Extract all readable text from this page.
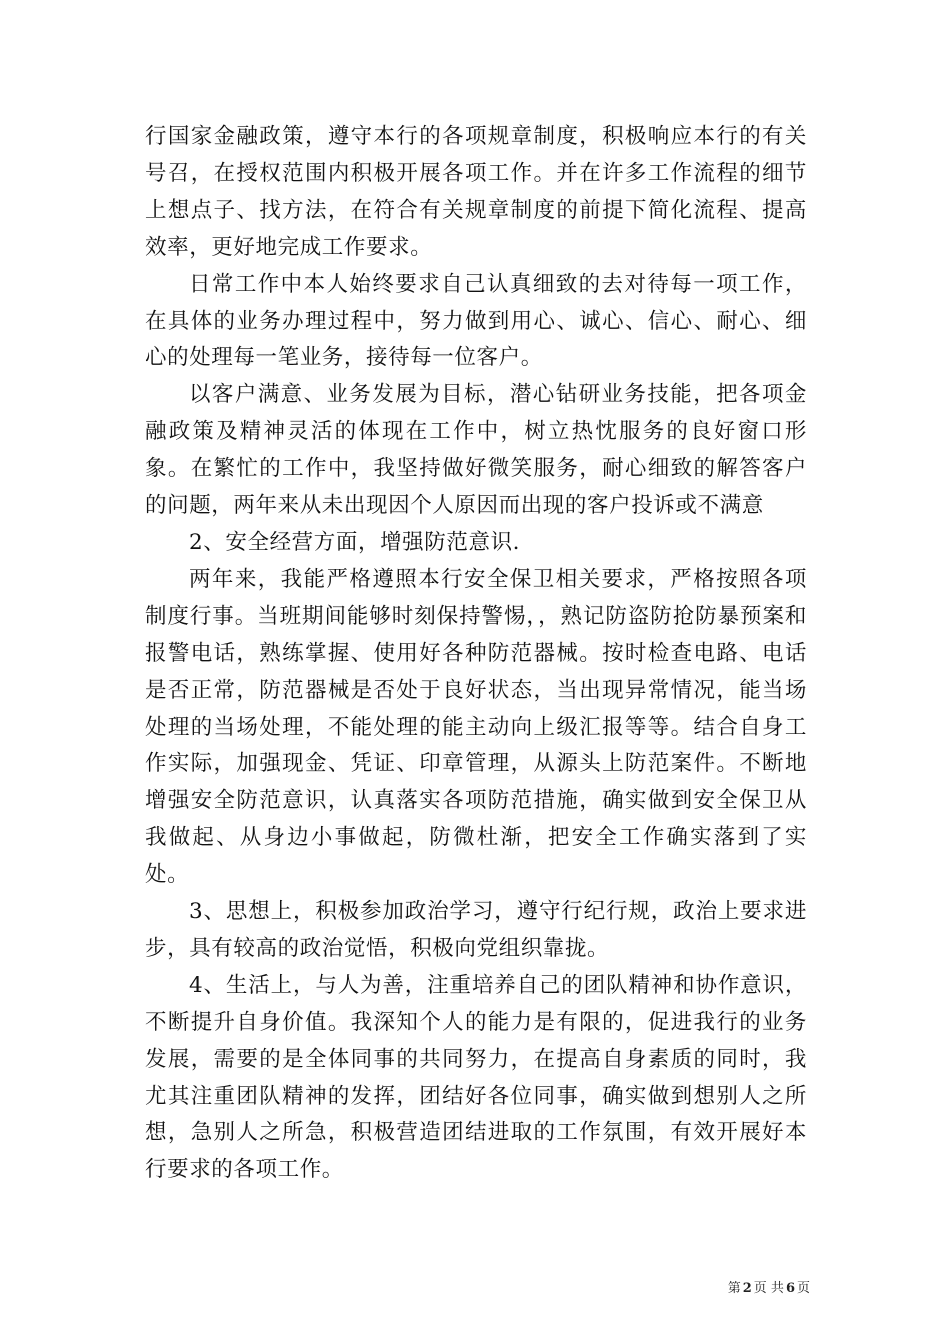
行国家金融政策，遵守本行的各项规章制度，积极响应本行的有关号召，在授权范围内积极开展各项工作。并在许多工作流程的细节上想点子、找方法，在符合有关规章制度的前提下简化流程、提高效率，更好地完成工作要求。

日常工作中本人始终要求自己认真细致的去对待每一项工作，在具体的业务办理过程中，努力做到用心、诚心、信心、耐心、细心的处理每一笔业务，接待每一位客户。

以客户满意、业务发展为目标，潜心钻研业务技能，把各项金融政策及精神灵活的体现在工作中，树立热忱服务的良好窗口形象。在繁忙的工作中，我坚持做好微笑服务，耐心细致的解答客户的问题，两年来从未出现因个人原因而出现的客户投诉或不满意

2、安全经营方面，增强防范意识.

两年来，我能严格遵照本行安全保卫相关要求，严格按照各项制度行事。当班期间能够时刻保持警惕，，熟记防盗防抢防暴预案和报警电话，熟练掌握、使用好各种防范器械。按时检查电路、电话是否正常，防范器械是否处于良好状态，当出现异常情况，能当场处理的当场处理，不能处理的能主动向上级汇报等等。结合自身工作实际，加强现金、凭证、印章管理，从源头上防范案件。不断地增强安全防范意识，认真落实各项防范措施，确实做到安全保卫从我做起、从身边小事做起，防微杜渐，把安全工作确实落到了实处。

3、思想上，积极参加政治学习，遵守行纪行规，政治上要求进步，具有较高的政治觉悟，积极向党组织靠拢。

4、生活上，与人为善，注重培养自己的团队精神和协作意识，不断提升自身价值。我深知个人的能力是有限的，促进我行的业务发展，需要的是全体同事的共同努力，在提高自身素质的同时，我尤其注重团队精神的发挥，团结好各位同事，确实做到想别人之所想，急别人之所急，积极营造团结进取的工作氛围，有效开展好本行要求的各项工作。

第 2 页 共 6 页
